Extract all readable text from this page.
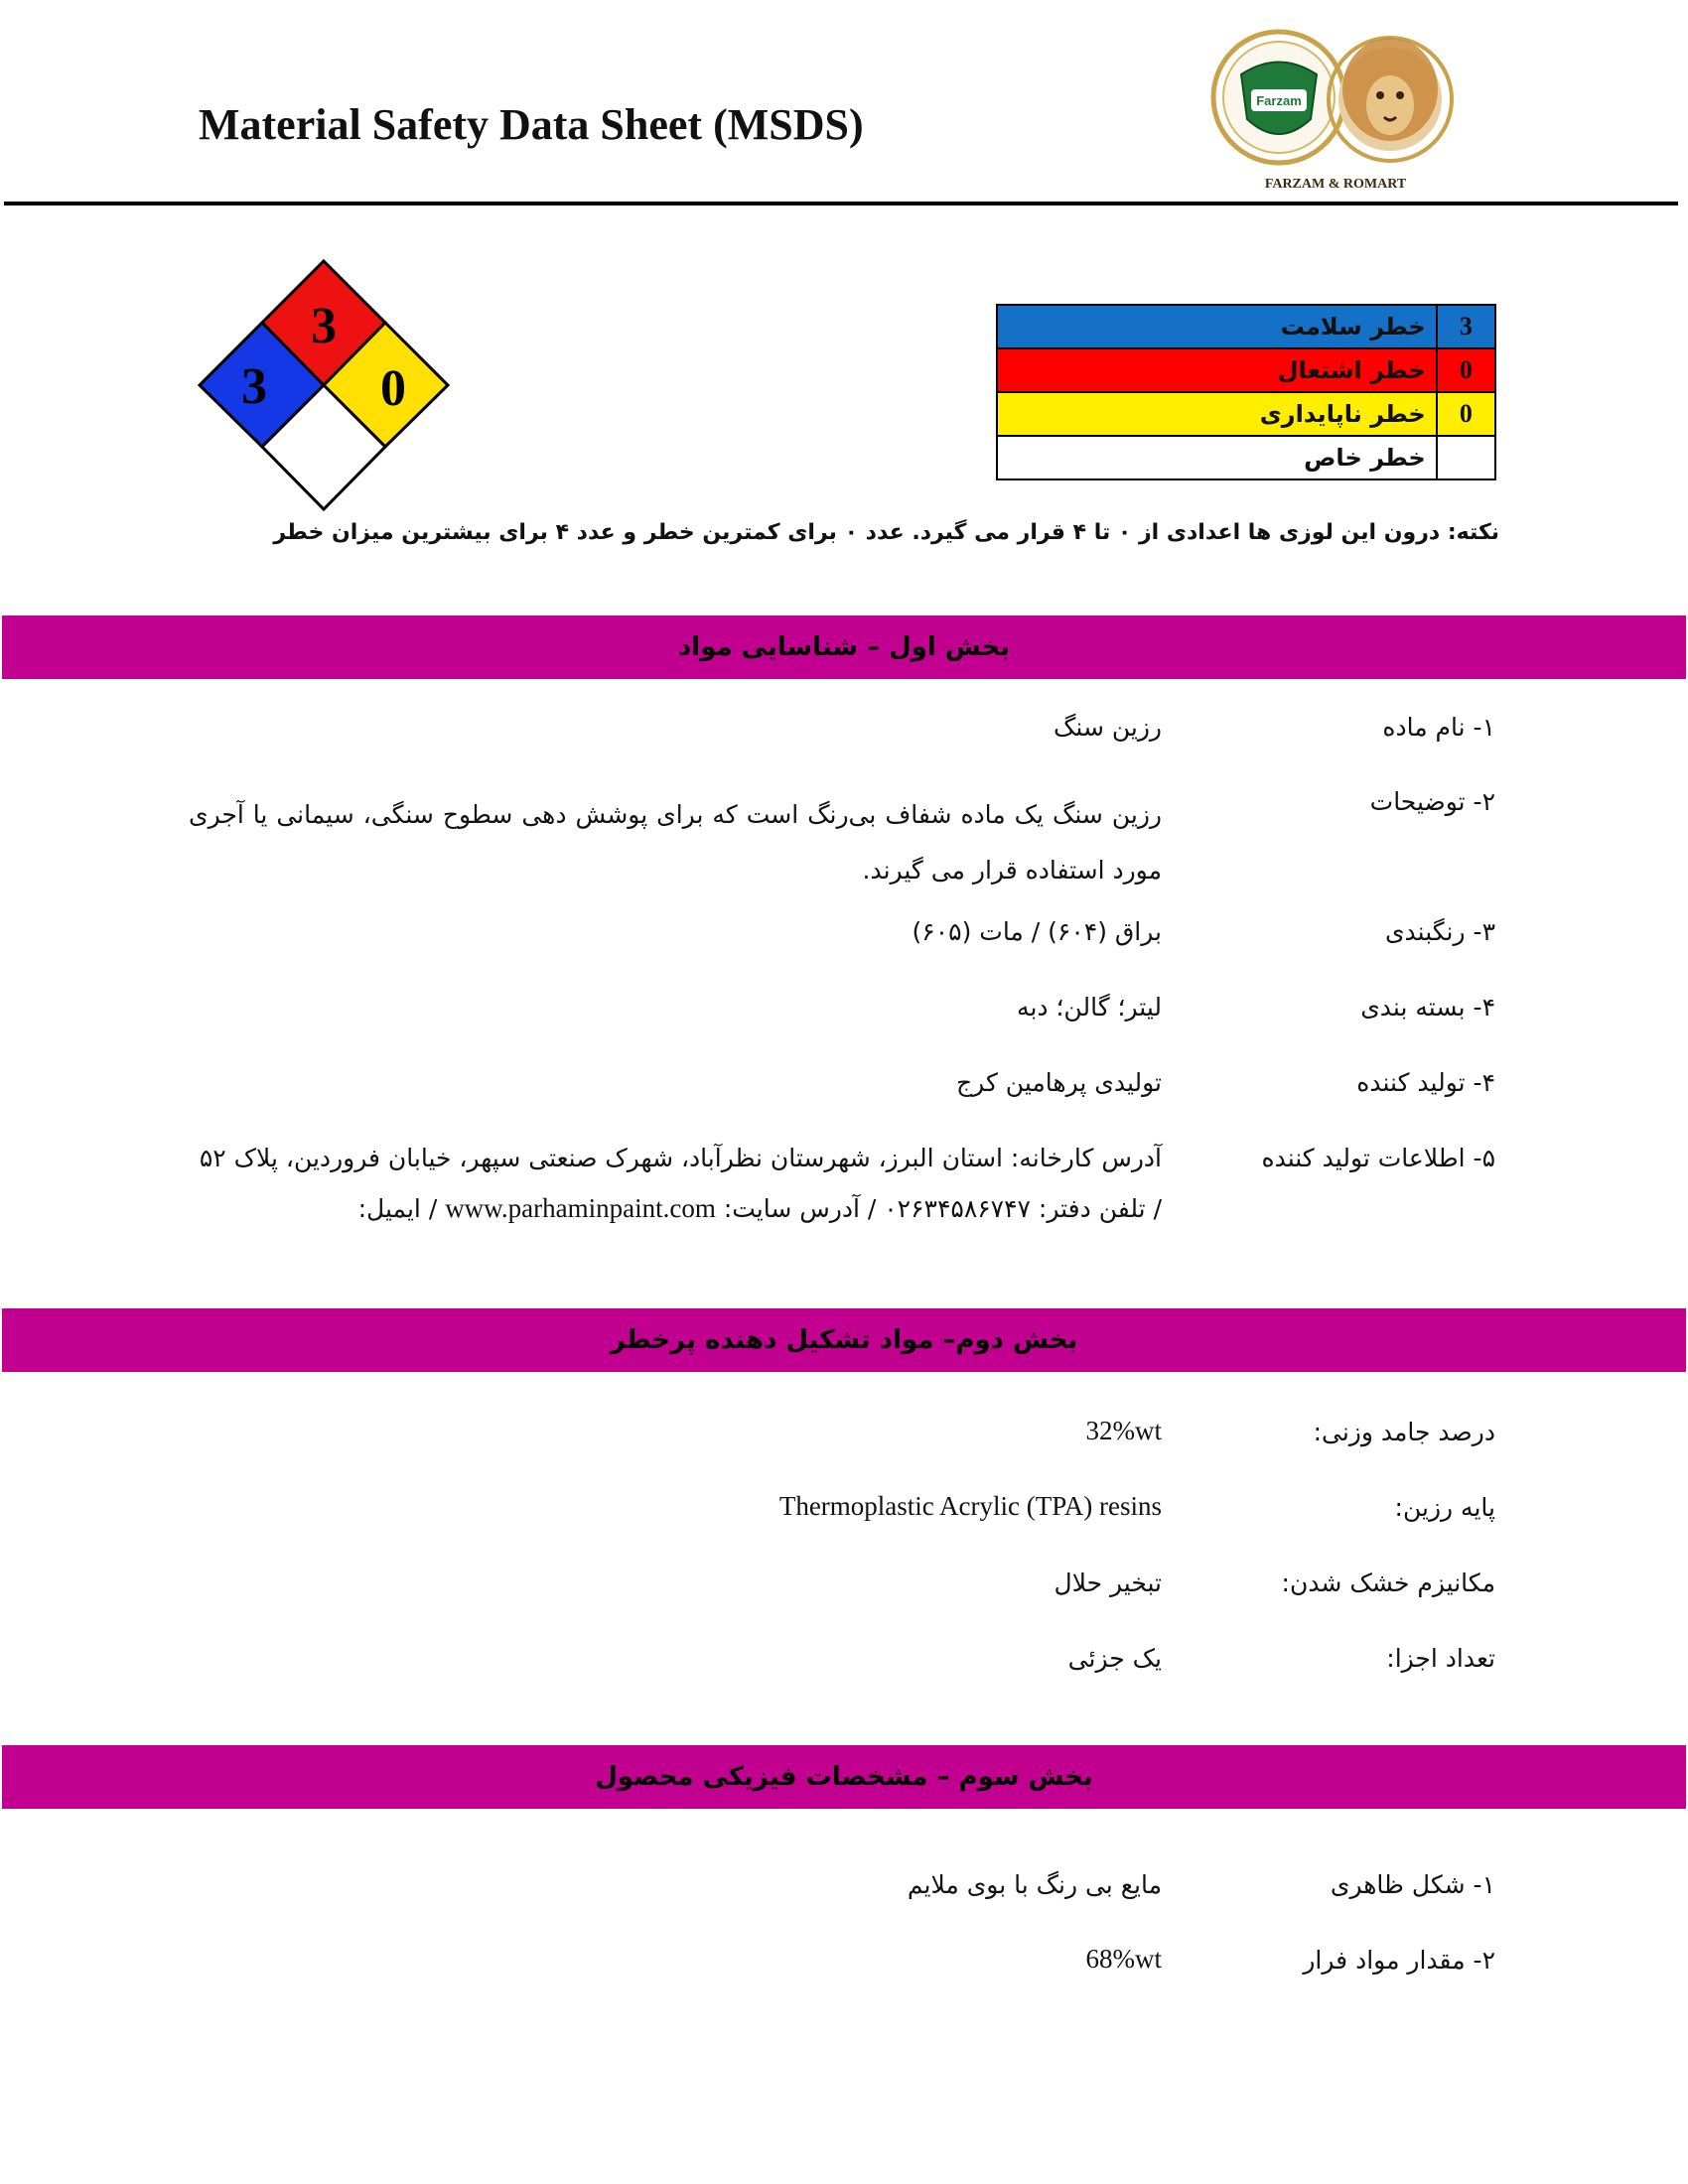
Material Safety Data Sheet (MSDS)	Farzam
FARZAM & ROMART
3
3 0
خطر سلامت	3
خطر اشتعال	0
خطر ناپایداری	0
خطر خاص	
نکته: درون این لوزی ها اعدادی از ۰ تا ۴ قرار می گیرد. عدد ۰ برای کمترین خطر و عدد ۴ برای بیشترین میزان خطر
بخش اول – شناسایی مواد
۱- نام ماده
رزین سنگ
۲- توضیحات
رزین سنگ یک ماده شفاف بی‌رنگ است که برای پوشش دهی سطوح سنگی، سیمانی یا آجری مورد استفاده قرار می گیرند.
۳- رنگبندی
براق (۶۰۴) / مات (۶۰۵)
۴- بسته بندی
لیتر؛ گالن؛ دبه
۴- تولید کننده
تولیدی پرهامین کرج
۵- اطلاعات تولید کننده
آدرس کارخانه: استان البرز، شهرستان نظرآباد، شهرک صنعتی سپهر، خیابان فروردین، پلاک ۵۲
/ تلفن دفتر: ۰۲۶۳۴۵۸۶۷۴۷ / آدرس سایت: www.parhaminpaint.com / ایمیل:
بخش دوم– مواد تشکیل دهنده پرخطر
درصد جامد وزنی:
32%wt
پایه رزین:
Thermoplastic Acrylic (TPA) resins
مکانیزم خشک شدن:
تبخیر حلال
تعداد اجزا:
یک جزئی
بخش سوم – مشخصات فیزیکی محصول
۱- شکل ظاهری
مایع بی رنگ با بوی ملایم
۲- مقدار مواد فرار
68%wt
